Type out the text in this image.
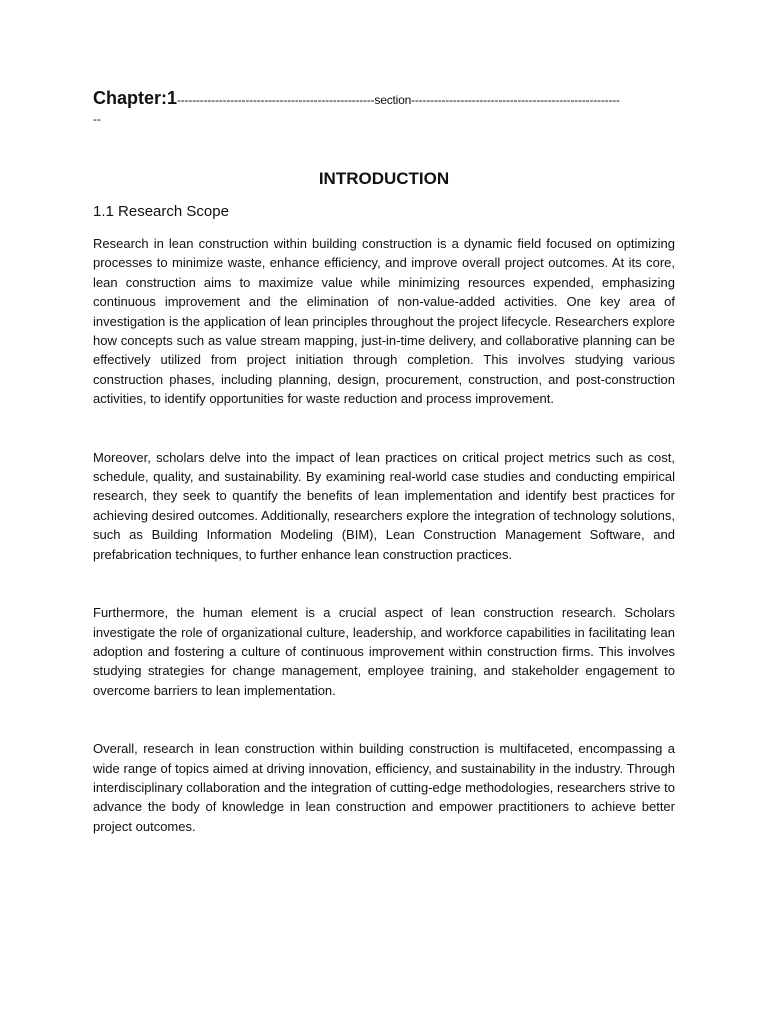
Chapter:1----------------------------------------------------section-------------------------------------------------------
--
INTRODUCTION
1.1 Research Scope

Research in lean construction within building construction is a dynamic field focused on optimizing processes to minimize waste, enhance efficiency, and improve overall project outcomes. At its core, lean construction aims to maximize value while minimizing resources expended, emphasizing continuous improvement and the elimination of non-value-added activities. One key area of investigation is the application of lean principles throughout the project lifecycle. Researchers explore how concepts such as value stream mapping, just-in-time delivery, and collaborative planning can be effectively utilized from project initiation through completion. This involves studying various construction phases, including planning, design, procurement, construction, and post-construction activities, to identify opportunities for waste reduction and process improvement.

Moreover, scholars delve into the impact of lean practices on critical project metrics such as cost, schedule, quality, and sustainability. By examining real-world case studies and conducting empirical research, they seek to quantify the benefits of lean implementation and identify best practices for achieving desired outcomes. Additionally, researchers explore the integration of technology solutions, such as Building Information Modeling (BIM), Lean Construction Management Software, and prefabrication techniques, to further enhance lean construction practices.

Furthermore, the human element is a crucial aspect of lean construction research. Scholars investigate the role of organizational culture, leadership, and workforce capabilities in facilitating lean adoption and fostering a culture of continuous improvement within construction firms. This involves studying strategies for change management, employee training, and stakeholder engagement to overcome barriers to lean implementation.

Overall, research in lean construction within building construction is multifaceted, encompassing a wide range of topics aimed at driving innovation, efficiency, and sustainability in the industry. Through interdisciplinary collaboration and the integration of cutting-edge methodologies, researchers strive to advance the body of knowledge in lean construction and empower practitioners to achieve better project outcomes.
